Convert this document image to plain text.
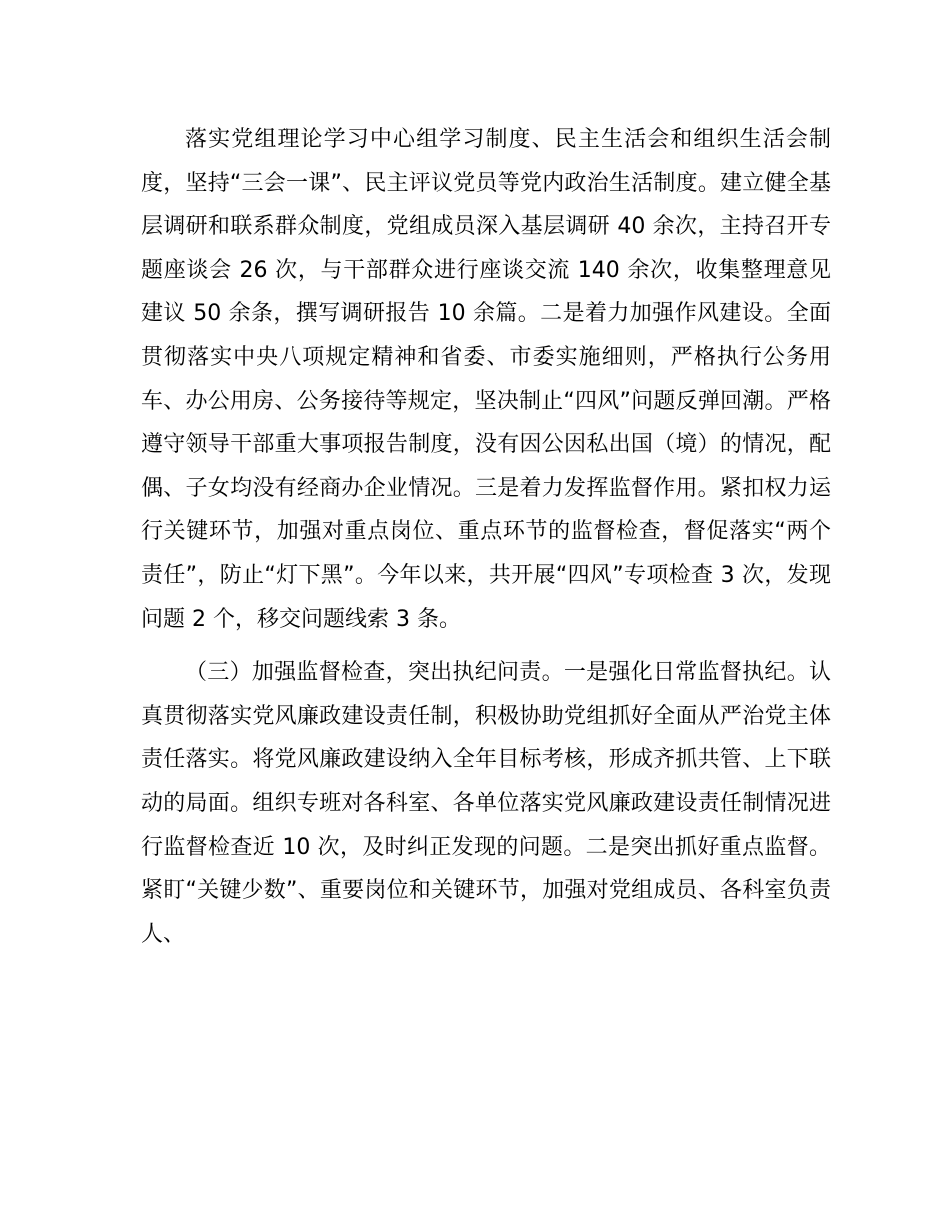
落实党组理论学习中心组学习制度、民主生活会和组织生活会制度，坚持“三会一课”、民主评议党员等党内政治生活制度。建立健全基层调研和联系群众制度，党组成员深入基层调研 40 余次，主持召开专题座谈会 26 次，与干部群众进行座谈交流 140 余次，收集整理意见建议 50 余条，撰写调研报告 10 余篇。二是着力加强作风建设。全面贯彻落实中央八项规定精神和省委、市委实施细则，严格执行公务用车、办公用房、公务接待等规定，坚决制止“四风”问题反弹回潮。严格遵守领导干部重大事项报告制度，没有因公因私出国（境）的情况，配偶、子女均没有经商办企业情况。三是着力发挥监督作用。紧扣权力运行关键环节，加强对重点岗位、重点环节的监督检查，督促落实“两个责任”，防止“灯下黑”。今年以来，共开展“四风”专项检查 3 次，发现问题 2 个，移交问题线索 3 条。

（三）加强监督检查，突出执纪问责。一是强化日常监督执纪。认真贯彻落实党风廉政建设责任制，积极协助党组抓好全面从严治党主体责任落实。将党风廉政建设纳入全年目标考核，形成齐抓共管、上下联动的局面。组织专班对各科室、各单位落实党风廉政建设责任制情况进行监督检查近 10 次，及时纠正发现的问题。二是突出抓好重点监督。紧盯“关键少数”、重要岗位和关键环节，加强对党组成员、各科室负责人、
